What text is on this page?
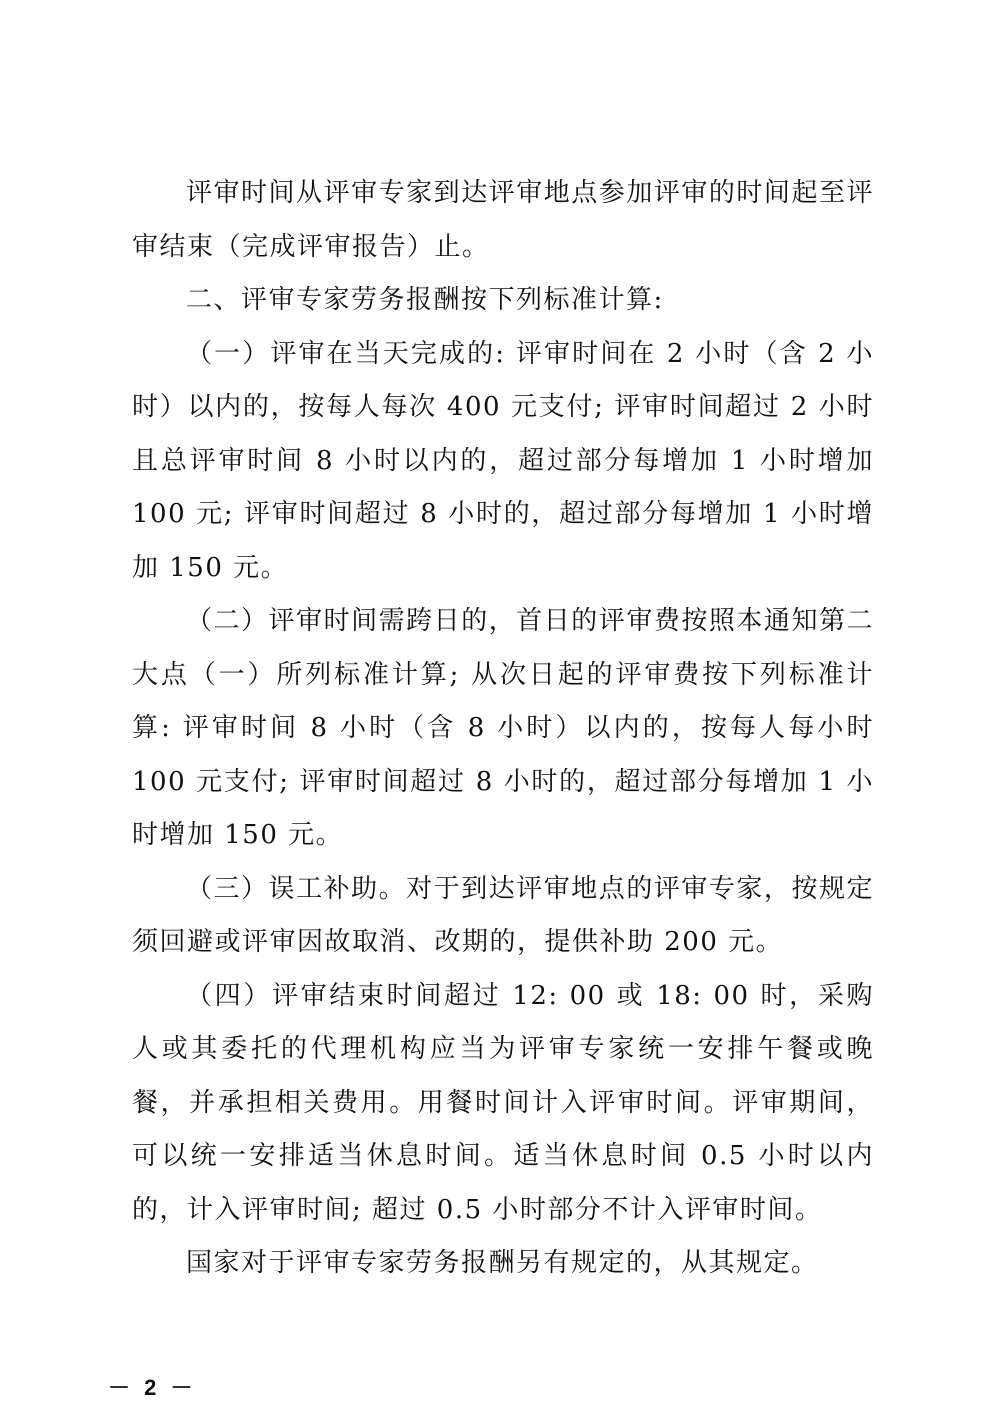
评审时间从评审专家到达评审地点参加评审的时间起至评审结束（完成评审报告）止。

二、评审专家劳务报酬按下列标准计算:

（一）评审在当天完成的: 评审时间在 2 小时（含 2 小时）以内的，按每人每次 400 元支付; 评审时间超过 2 小时且总评审时间 8 小时以内的，超过部分每增加 1 小时增加 100 元; 评审时间超过 8 小时的，超过部分每增加 1 小时增加 150 元。

（二）评审时间需跨日的，首日的评审费按照本通知第二大点（一）所列标准计算; 从次日起的评审费按下列标准计算: 评审时间 8 小时（含 8 小时）以内的，按每人每小时 100 元支付; 评审时间超过 8 小时的，超过部分每增加 1 小时增加 150 元。

（三）误工补助。对于到达评审地点的评审专家，按规定须回避或评审因故取消、改期的，提供补助 200 元。

（四）评审结束时间超过 12: 00 或 18: 00 时，采购人或其委托的代理机构应当为评审专家统一安排午餐或晚餐，并承担相关费用。用餐时间计入评审时间。评审期间，可以统一安排适当休息时间。适当休息时间 0.5 小时以内的，计入评审时间; 超过 0.5 小时部分不计入评审时间。

国家对于评审专家劳务报酬另有规定的，从其规定。

－ 2 －
